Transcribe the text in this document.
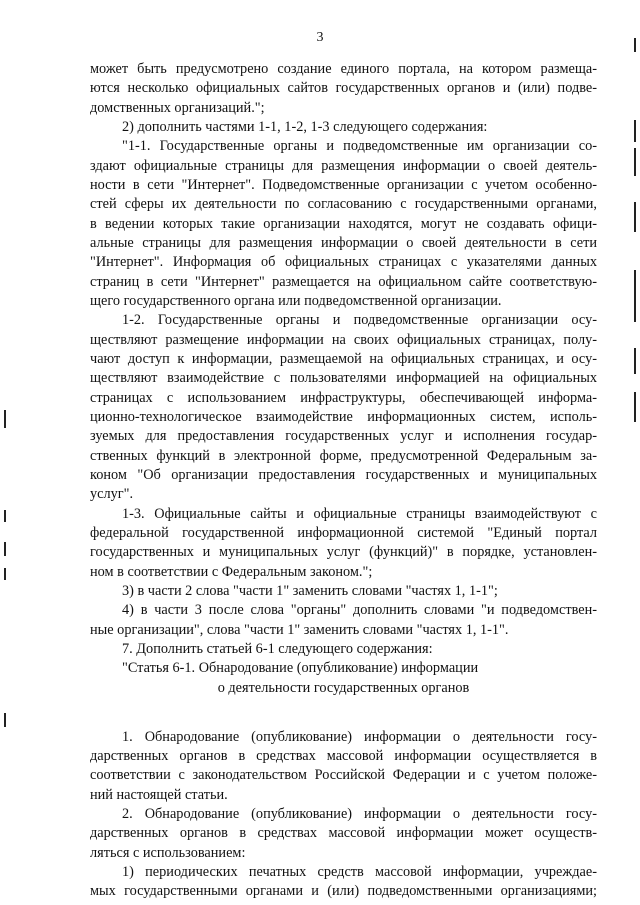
3
может быть предусмотрено создание единого портала, на котором размеща-
ются несколько официальных сайтов государственных органов и (или) подве-
домственных организаций.";
2) дополнить частями 1-1, 1-2, 1-3 следующего содержания:
"1-1. Государственные органы и подведомственные им организации со-
здают официальные страницы для размещения информации о своей деятель-
ности в сети "Интернет". Подведомственные организации с учетом особенно-
стей сферы их деятельности по согласованию с государственными органами,
в ведении которых такие организации находятся, могут не создавать офици-
альные страницы для размещения информации о своей деятельности в сети
"Интернет". Информация об официальных страницах с указателями данных
страниц в сети "Интернет" размещается на официальном сайте соответствую-
щего государственного органа или подведомственной организации.
1-2. Государственные органы и подведомственные организации осу-
ществляют размещение информации на своих официальных страницах, полу-
чают доступ к информации, размещаемой на официальных страницах, и осу-
ществляют взаимодействие с пользователями информацией на официальных
страницах с использованием инфраструктуры, обеспечивающей информа-
ционно-технологическое взаимодействие информационных систем, исполь-
зуемых для предоставления государственных услуг и исполнения государ-
ственных функций в электронной форме, предусмотренной Федеральным за-
коном "Об организации предоставления государственных и муниципальных
услуг".
1-3. Официальные сайты и официальные страницы взаимодействуют с
федеральной государственной информационной системой "Единый портал
государственных и муниципальных услуг (функций)" в порядке, установлен-
ном в соответствии с Федеральным законом.";
3) в части 2 слова "части 1" заменить словами "частях 1, 1-1";
4) в части 3 после слова "органы" дополнить словами "и подведомствен-
ные организации", слова "части 1" заменить словами "частях 1, 1-1".
7. Дополнить статьей 6-1 следующего содержания:
"Статья 6-1. Обнародование (опубликование) информации
о деятельности государственных органов
1. Обнародование (опубликование) информации о деятельности госу-
дарственных органов в средствах массовой информации осуществляется в
соответствии с законодательством Российской Федерации и с учетом положе-
ний настоящей статьи.
2. Обнародование (опубликование) информации о деятельности госу-
дарственных органов в средствах массовой информации может осуществ-
ляться с использованием:
1) периодических печатных средств массовой информации, учреждае-
мых государственными органами и (или) подведомственными организациями;
